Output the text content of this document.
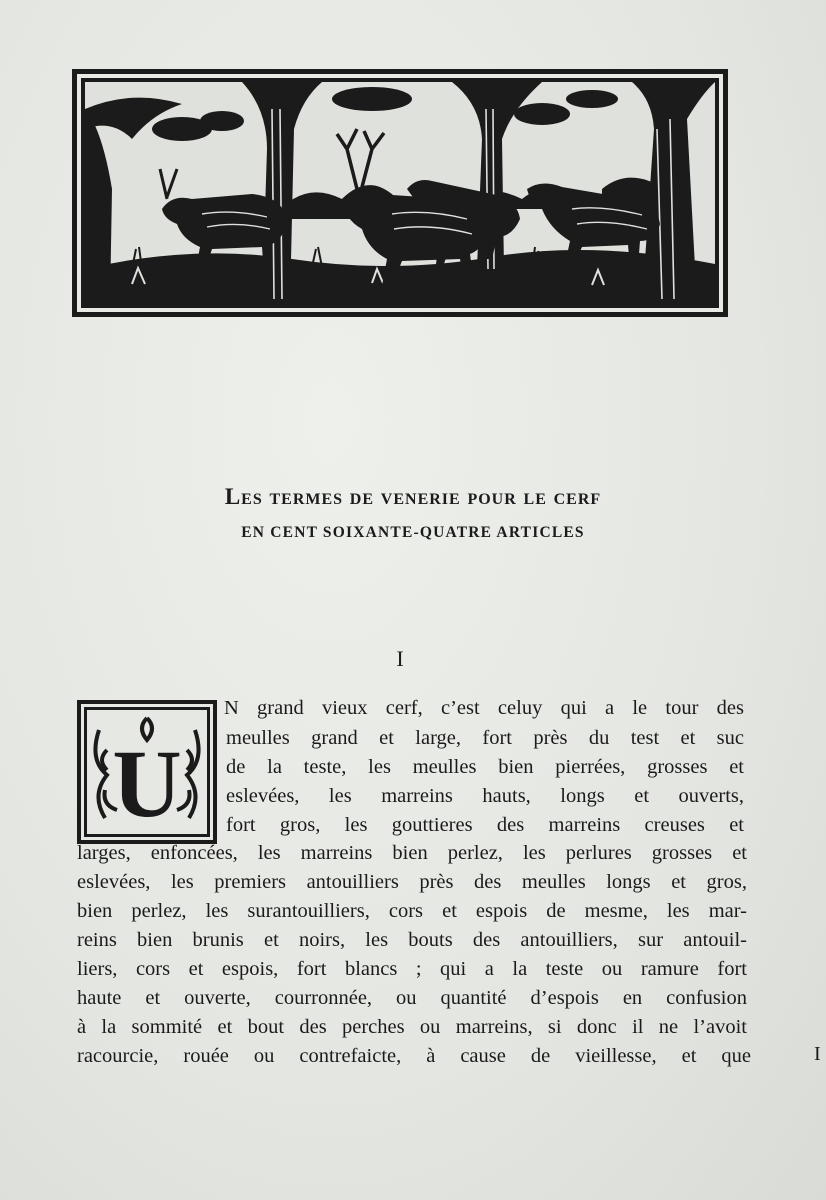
Les termes de venerie pour le cerf
EN CENT SOIXANTE-QUATRE ARTICLES

I

U

N grand vieux cerf, c’est celuy qui a le tour des

meulles grand et large, fort près du test et suc

de la teste, les meulles bien pierrées, grosses et

eslevées, les marreins hauts, longs et ouverts,

fort gros, les gouttieres des marreins creuses et

larges, enfoncées, les marreins bien perlez, les perlures grosses et

eslevées, les premiers antouilliers près des meulles longs et gros,

bien perlez, les surantouilliers, cors et espois de mesme, les mar-

reins bien brunis et noirs, les bouts des antouilliers, sur antouil-

liers, cors et espois, fort blancs ; qui a la teste ou ramure fort

haute et ouverte, courronnée, ou quantité d’espois en confusion

à la sommité et bout des perches ou marreins, si donc il ne l’avoit

racourcie, rouée ou contrefaicte, à cause de vieillesse, et que	I
